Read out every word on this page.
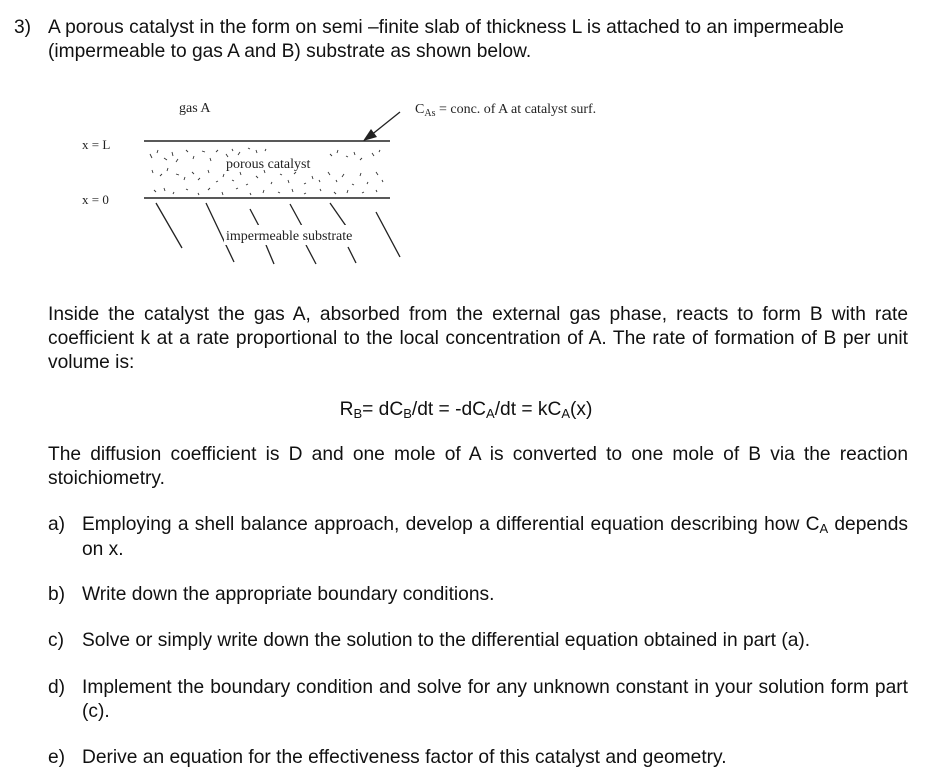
3) A porous catalyst in the form on semi –finite slab of thickness L is attached to an impermeable (impermeable to gas A and B) substrate as shown below.

gas A	$C_{As}$ = conc. of A at catalyst surf.
x = L
x = 0
porous catalyst
impermeable substrate

Inside the catalyst the gas A, absorbed from the external gas phase, reacts to form B with rate coefficient k at a rate proportional to the local concentration of A. The rate of formation of B per unit volume is:

RB= dCB/dt = -dCA/dt = kCA(x)

The diffusion coefficient is D and one mole of A is converted to one mole of B via the reaction stoichiometry.

a) Employing a shell balance approach, develop a differential equation describing how CA depends on x.
b) Write down the appropriate boundary conditions.
c) Solve or simply write down the solution to the differential equation obtained in part (a).
d) Implement the boundary condition and solve for any unknown constant in your solution form part (c).
e) Derive an equation for the effectiveness factor of this catalyst and geometry.
